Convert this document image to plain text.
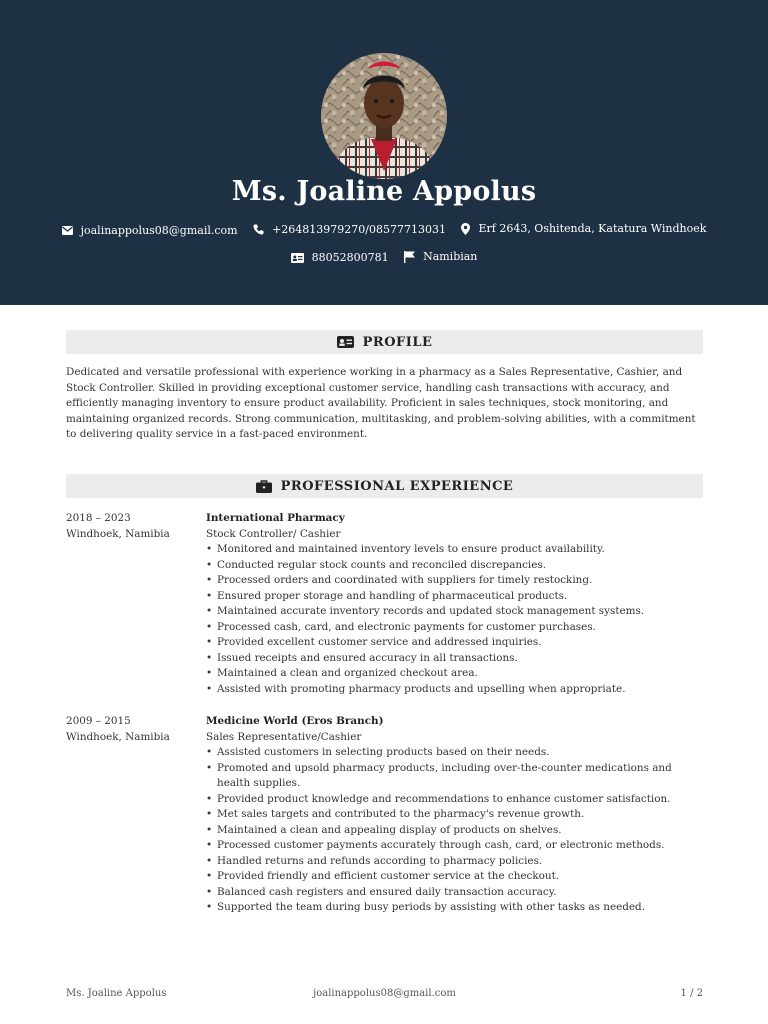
Ms. Joaline Appolus
joalinappolus08@gmail.com
	+264813979270/08577713031
	Erf 2643, Oshitenda, Katatura Windhoek
88052800781
	Namibian
PROFILE
Dedicated and versatile professional with experience working in a pharmacy as a Sales Representative, Cashier, and Stock Controller. Skilled in providing exceptional customer service, handling cash transactions with accuracy, and efficiently managing inventory to ensure product availability. Proficient in sales techniques, stock monitoring, and maintaining organized records. Strong communication, multitasking, and problem-solving abilities, with a commitment to delivering quality service in a fast-paced environment.
PROFESSIONAL EXPERIENCE
2018 – 2023
Windhoek, Namibia
International Pharmacy
Stock Controller/ Cashier
• Monitored and maintained inventory levels to ensure product availability.
• Conducted regular stock counts and reconciled discrepancies.
• Processed orders and coordinated with suppliers for timely restocking.
• Ensured proper storage and handling of pharmaceutical products.
• Maintained accurate inventory records and updated stock management systems.
• Processed cash, card, and electronic payments for customer purchases.
• Provided excellent customer service and addressed inquiries.
• Issued receipts and ensured accuracy in all transactions.
• Maintained a clean and organized checkout area.
• Assisted with promoting pharmacy products and upselling when appropriate.
2009 – 2015
Windhoek, Namibia
Medicine World (Eros Branch)
Sales Representative/Cashier
• Assisted customers in selecting products based on their needs.
• Promoted and upsold pharmacy products, including over-the-counter medications and health supplies.
• Provided product knowledge and recommendations to enhance customer satisfaction.
• Met sales targets and contributed to the pharmacy's revenue growth.
• Maintained a clean and appealing display of products on shelves.
• Processed customer payments accurately through cash, card, or electronic methods.
• Handled returns and refunds according to pharmacy policies.
• Provided friendly and efficient customer service at the checkout.
• Balanced cash registers and ensured daily transaction accuracy.
• Supported the team during busy periods by assisting with other tasks as needed.
Ms. Joaline Appolus	joalinappolus08@gmail.com	1 / 2
